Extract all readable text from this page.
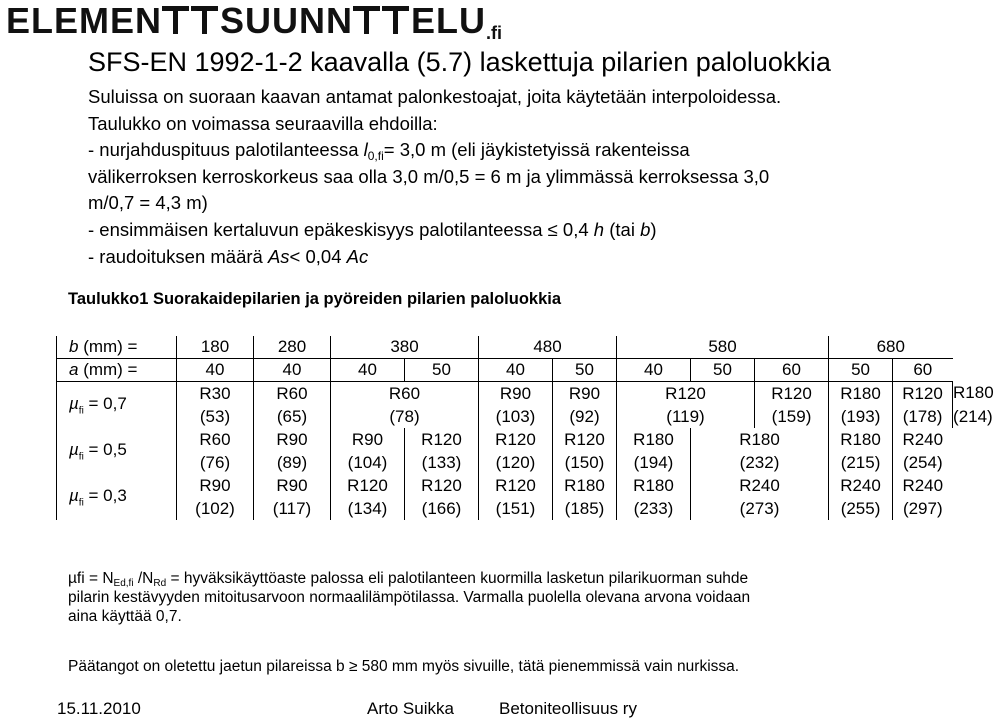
ELEMEN SUUNN ELU.fi
SFS-EN 1992-1-2 kaavalla (5.7) laskettuja pilarien paloluokkia
Suluissa on suoraan kaavan antamat palonkestoajat, joita käytetään interpoloidessa.
Taulukko on voimassa seuraavilla ehdoilla:
- nurjahduspituus palotilanteessa $l_{0,fi}= 3,0$ m (eli jäykistetyissä rakenteissa
välikerroksen kerroskorkeus saa olla 3,0 m/0,5 = 6 m ja ylimmässä kerroksessa 3,0
m/0,7 = 4,3 m)
- ensimmäisen kertaluvun epäkeskisyys palotilanteessa ≤ 0,4 h (tai b)
- raudoituksen määrä As< 0,04 Ac
Taulukko1 Suorakaidepilarien ja pyöreiden pilarien paloluokkia
b (mm) =	180	280	380		480		580			680		
a (mm) =	40	40	40	50	40	50	40	50	60	50	60	
µ$_{fi}$ = 0,7	R30	R60	R60		R90	R90	R120		R120	R180	R120	R180
	(53)	(65)	(78)		(103)	(92)	(119)		(159)	(193)	(178)	(214)
µ$_{fi}$ = 0,5	R60	R90	R90	R120	R120	R120	R180	R180		R180	R240	
	(76)	(89)	(104)	(133)	(120)	(150)	(194)	(232)		(215)	(254)	
µ$_{fi}$ = 0,3	R90	R90	R120	R120	R120	R180	R180	R240		R240	R240	
	(102)	(117)	(134)	(166)	(151)	(185)	(233)	(273)		(255)	(297)	
$\mu fi = N_{Ed,fi}$ $/N_{Rd}$ = hyväksikäyttöaste palossa eli palotilanteen kuormilla lasketun pilarikuorman suhde
pilarin kestävyyden mitoitusarvoon normaalilämpötilassa. Varmalla puolella olevana arvona voidaan
aina käyttää 0,7.
Päätangot on oletettu jaetun pilareissa b ≥ 580 mm myös sivuille, tätä pienemmissä vain nurkissa.
15.11.2010	Arto Suikka	Betoniteollisuus ry
